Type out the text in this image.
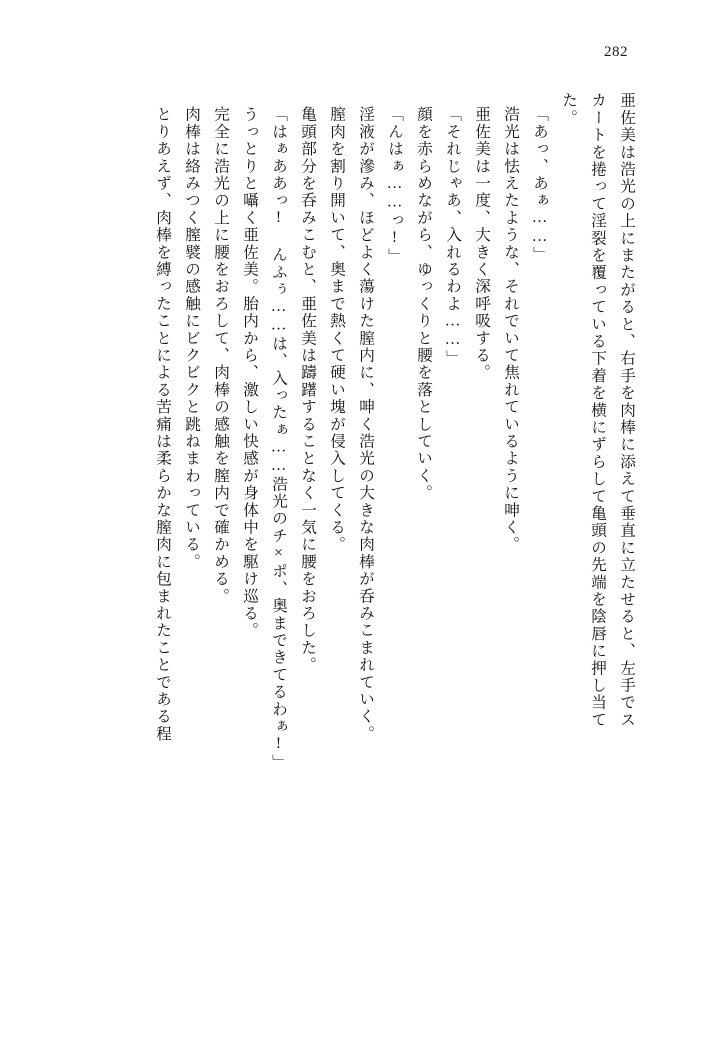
282
亜佐美は浩光の上にまたがると、右手を肉棒に添えて垂直に立たせると、左手でス
カートを捲って淫裂を覆っている下着を横にずらして亀頭の先端を陰唇に押し当て
た。
「あっ、あぁ……」
浩光は怯えたような、それでいて焦れているように呻く。
亜佐美は一度、大きく深呼吸する。
「それじゃあ、入れるわよ……」
顔を赤らめながら、ゆっくりと腰を落としていく。
「んはぁ……っ!」
淫液が滲み、ほどよく蕩けた膣内に、呻く浩光の大きな肉棒が呑みこまれていく。
膣肉を割り開いて、奥まで熱くて硬い塊が侵入してくる。
亀頭部分を呑みこむと、亜佐美は躊躇することなく一気に腰をおろした。
「はぁああっ! んふぅ……は、入ったぁ……浩光のチ×ポ、奥まできてるわぁ!」
うっとりと囁く亜佐美。胎内から、激しい快感が身体中を駆け巡る。
完全に浩光の上に腰をおろして、肉棒の感触を膣内で確かめる。
肉棒は絡みつく膣襞の感触にビクビクと跳ねまわっている。
とりあえず、肉棒を縛ったことによる苦痛は柔らかな膣肉に包まれたことである程
